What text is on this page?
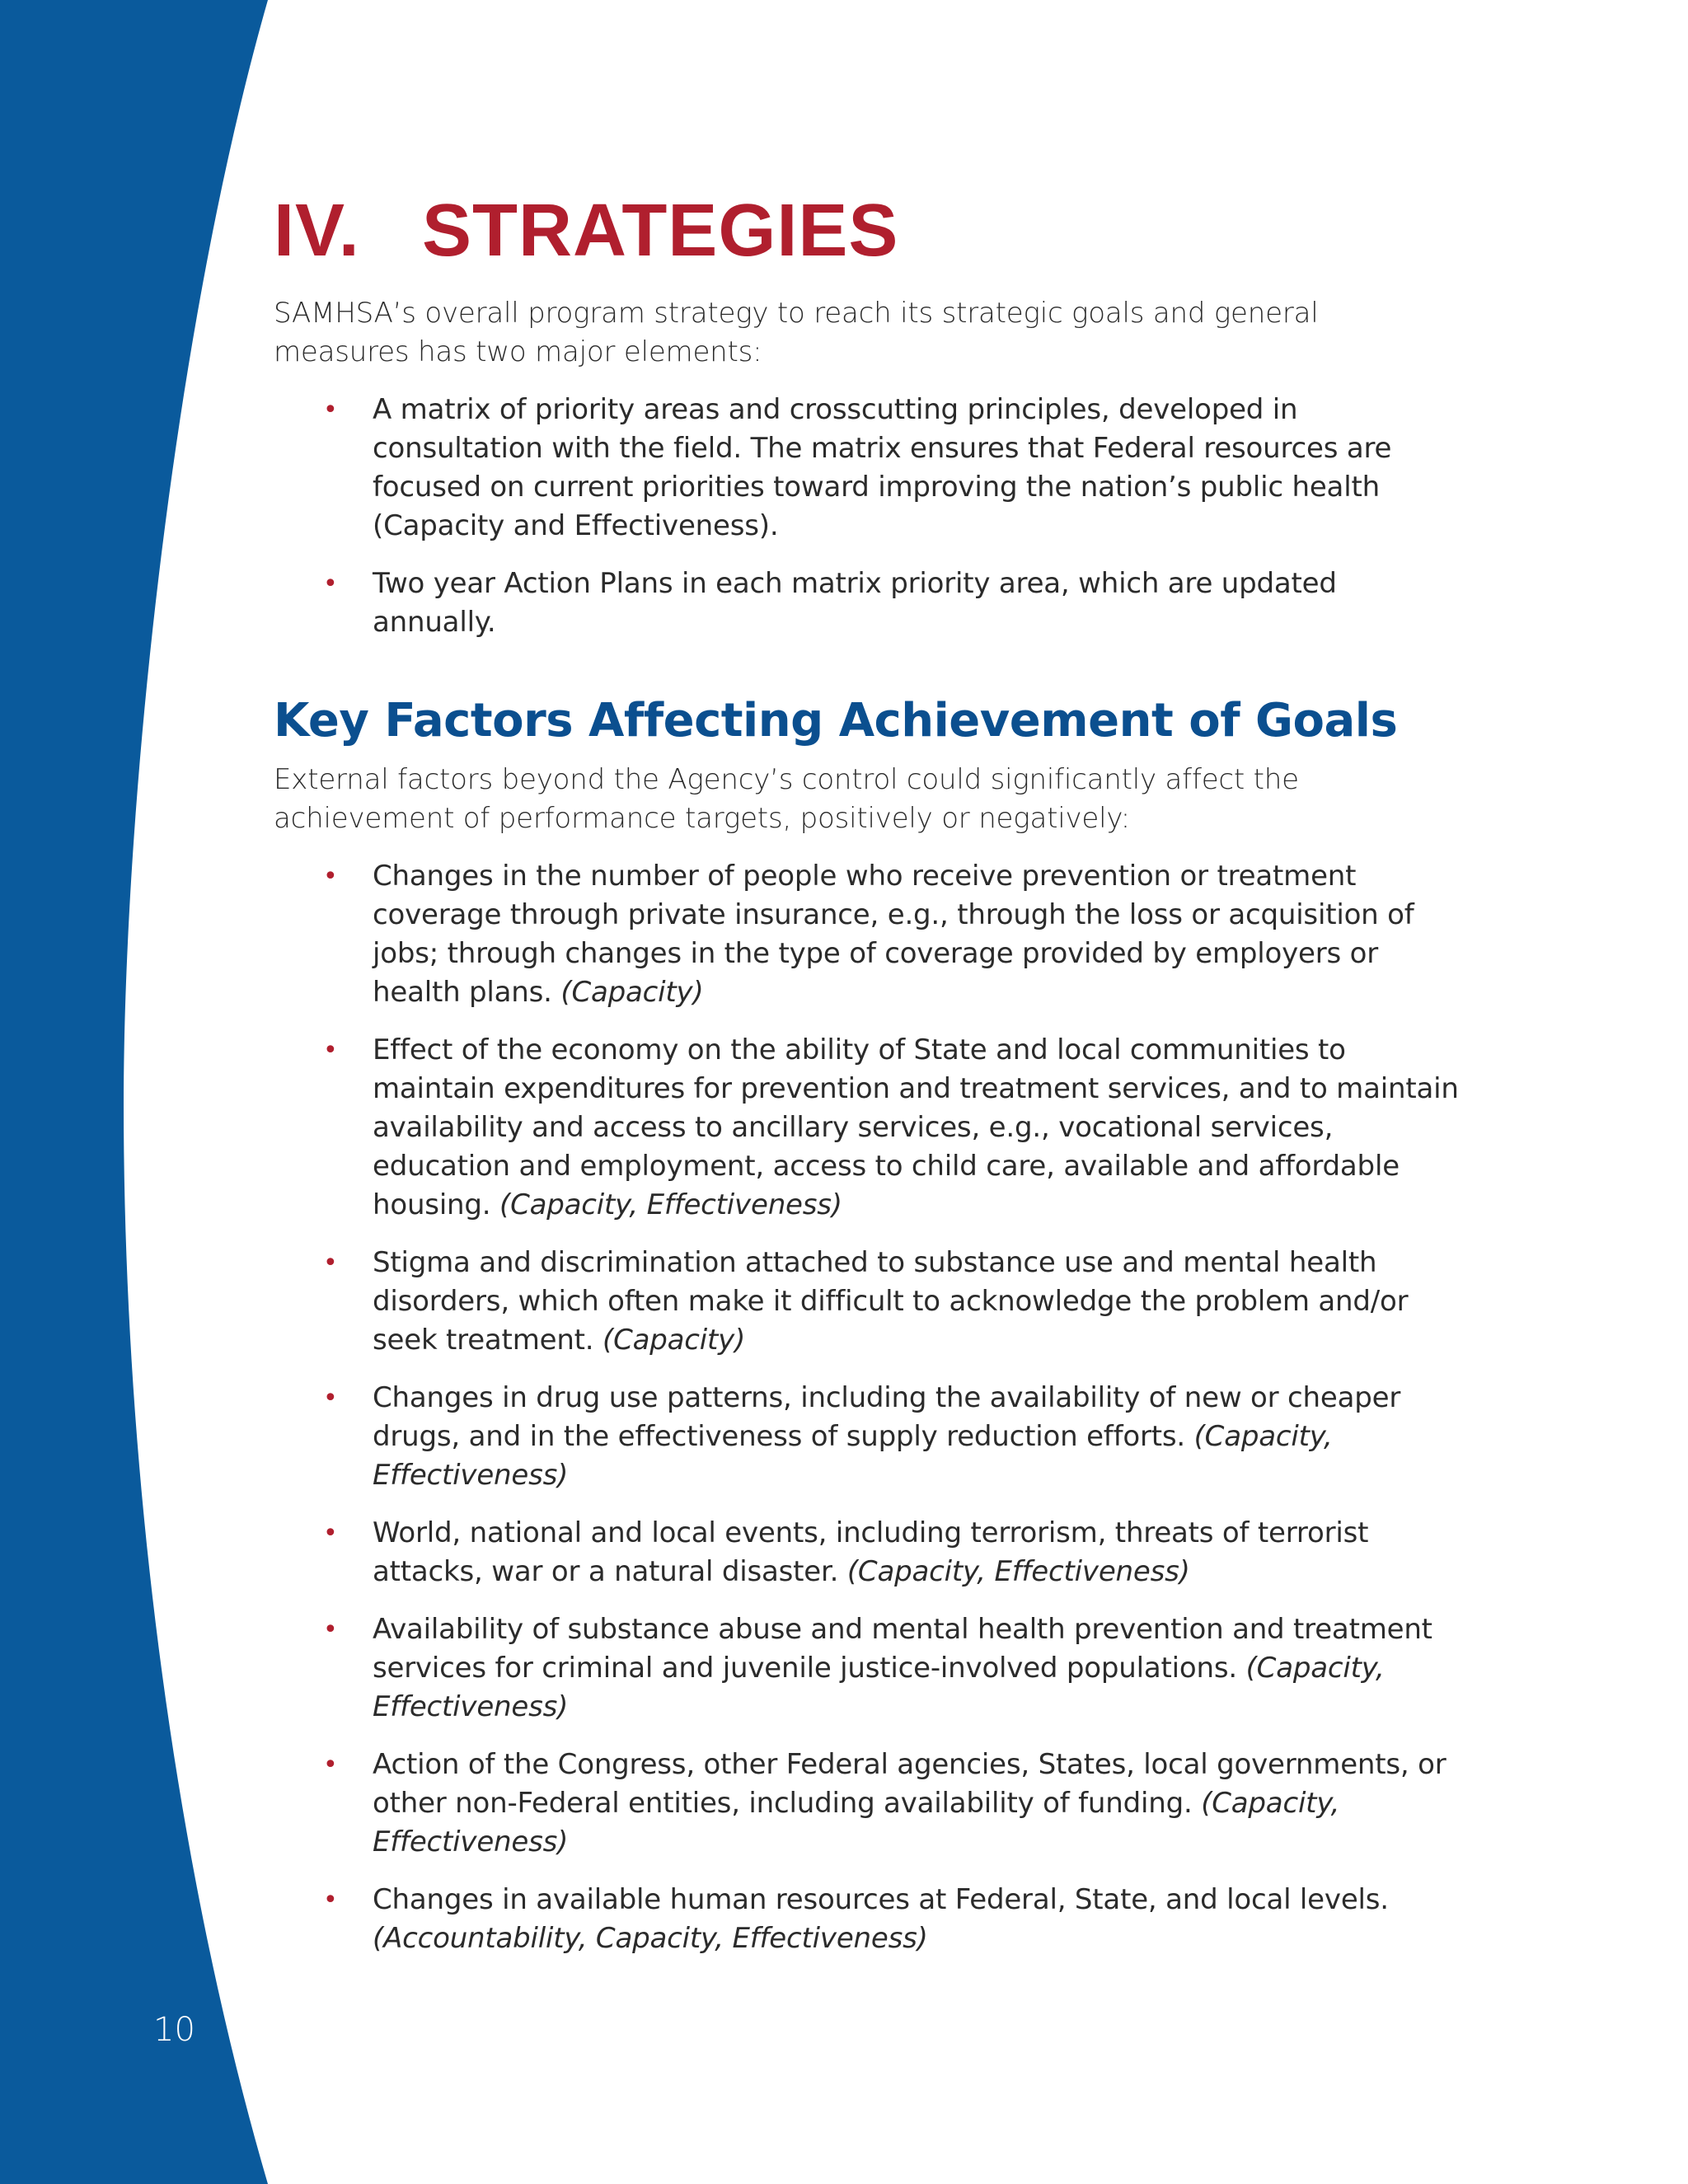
10
IV. STRATEGIES

SAMHSA’s overall program strategy to reach its strategic goals and general measures has two major elements:

• A matrix of priority areas and crosscutting principles, developed in consultation with the field. The matrix ensures that Federal resources are focused on current priorities toward improving the nation’s public health (Capacity and Effectiveness).
• Two year Action Plans in each matrix priority area, which are updated annually.
Key Factors Affecting Achievement of Goals

External factors beyond the Agency’s control could significantly affect the achievement of performance targets, positively or negatively:

• Changes in the number of people who receive prevention or treatment coverage through private insurance, e.g., through the loss or acquisition of jobs; through changes in the type of coverage provided by employers or health plans. (Capacity)
• Effect of the economy on the ability of State and local communities to maintain expenditures for prevention and treatment services, and to maintain availability and access to ancillary services, e.g., vocational services, education and employment, access to child care, available and affordable housing. (Capacity, Effectiveness)
• Stigma and discrimination attached to substance use and mental health disorders, which often make it difficult to acknowledge the problem and/or seek treatment. (Capacity)
• Changes in drug use patterns, including the availability of new or cheaper drugs, and in the effectiveness of supply reduction efforts. (Capacity, Effectiveness)
• World, national and local events, including terrorism, threats of terrorist attacks, war or a natural disaster. (Capacity, Effectiveness)
• Availability of substance abuse and mental health prevention and treatment services for criminal and juvenile justice-involved populations. (Capacity, Effectiveness)
• Action of the Congress, other Federal agencies, States, local governments, or other non-Federal entities, including availability of funding. (Capacity, Effectiveness)
• Changes in available human resources at Federal, State, and local levels. (Accountability, Capacity, Effectiveness)
